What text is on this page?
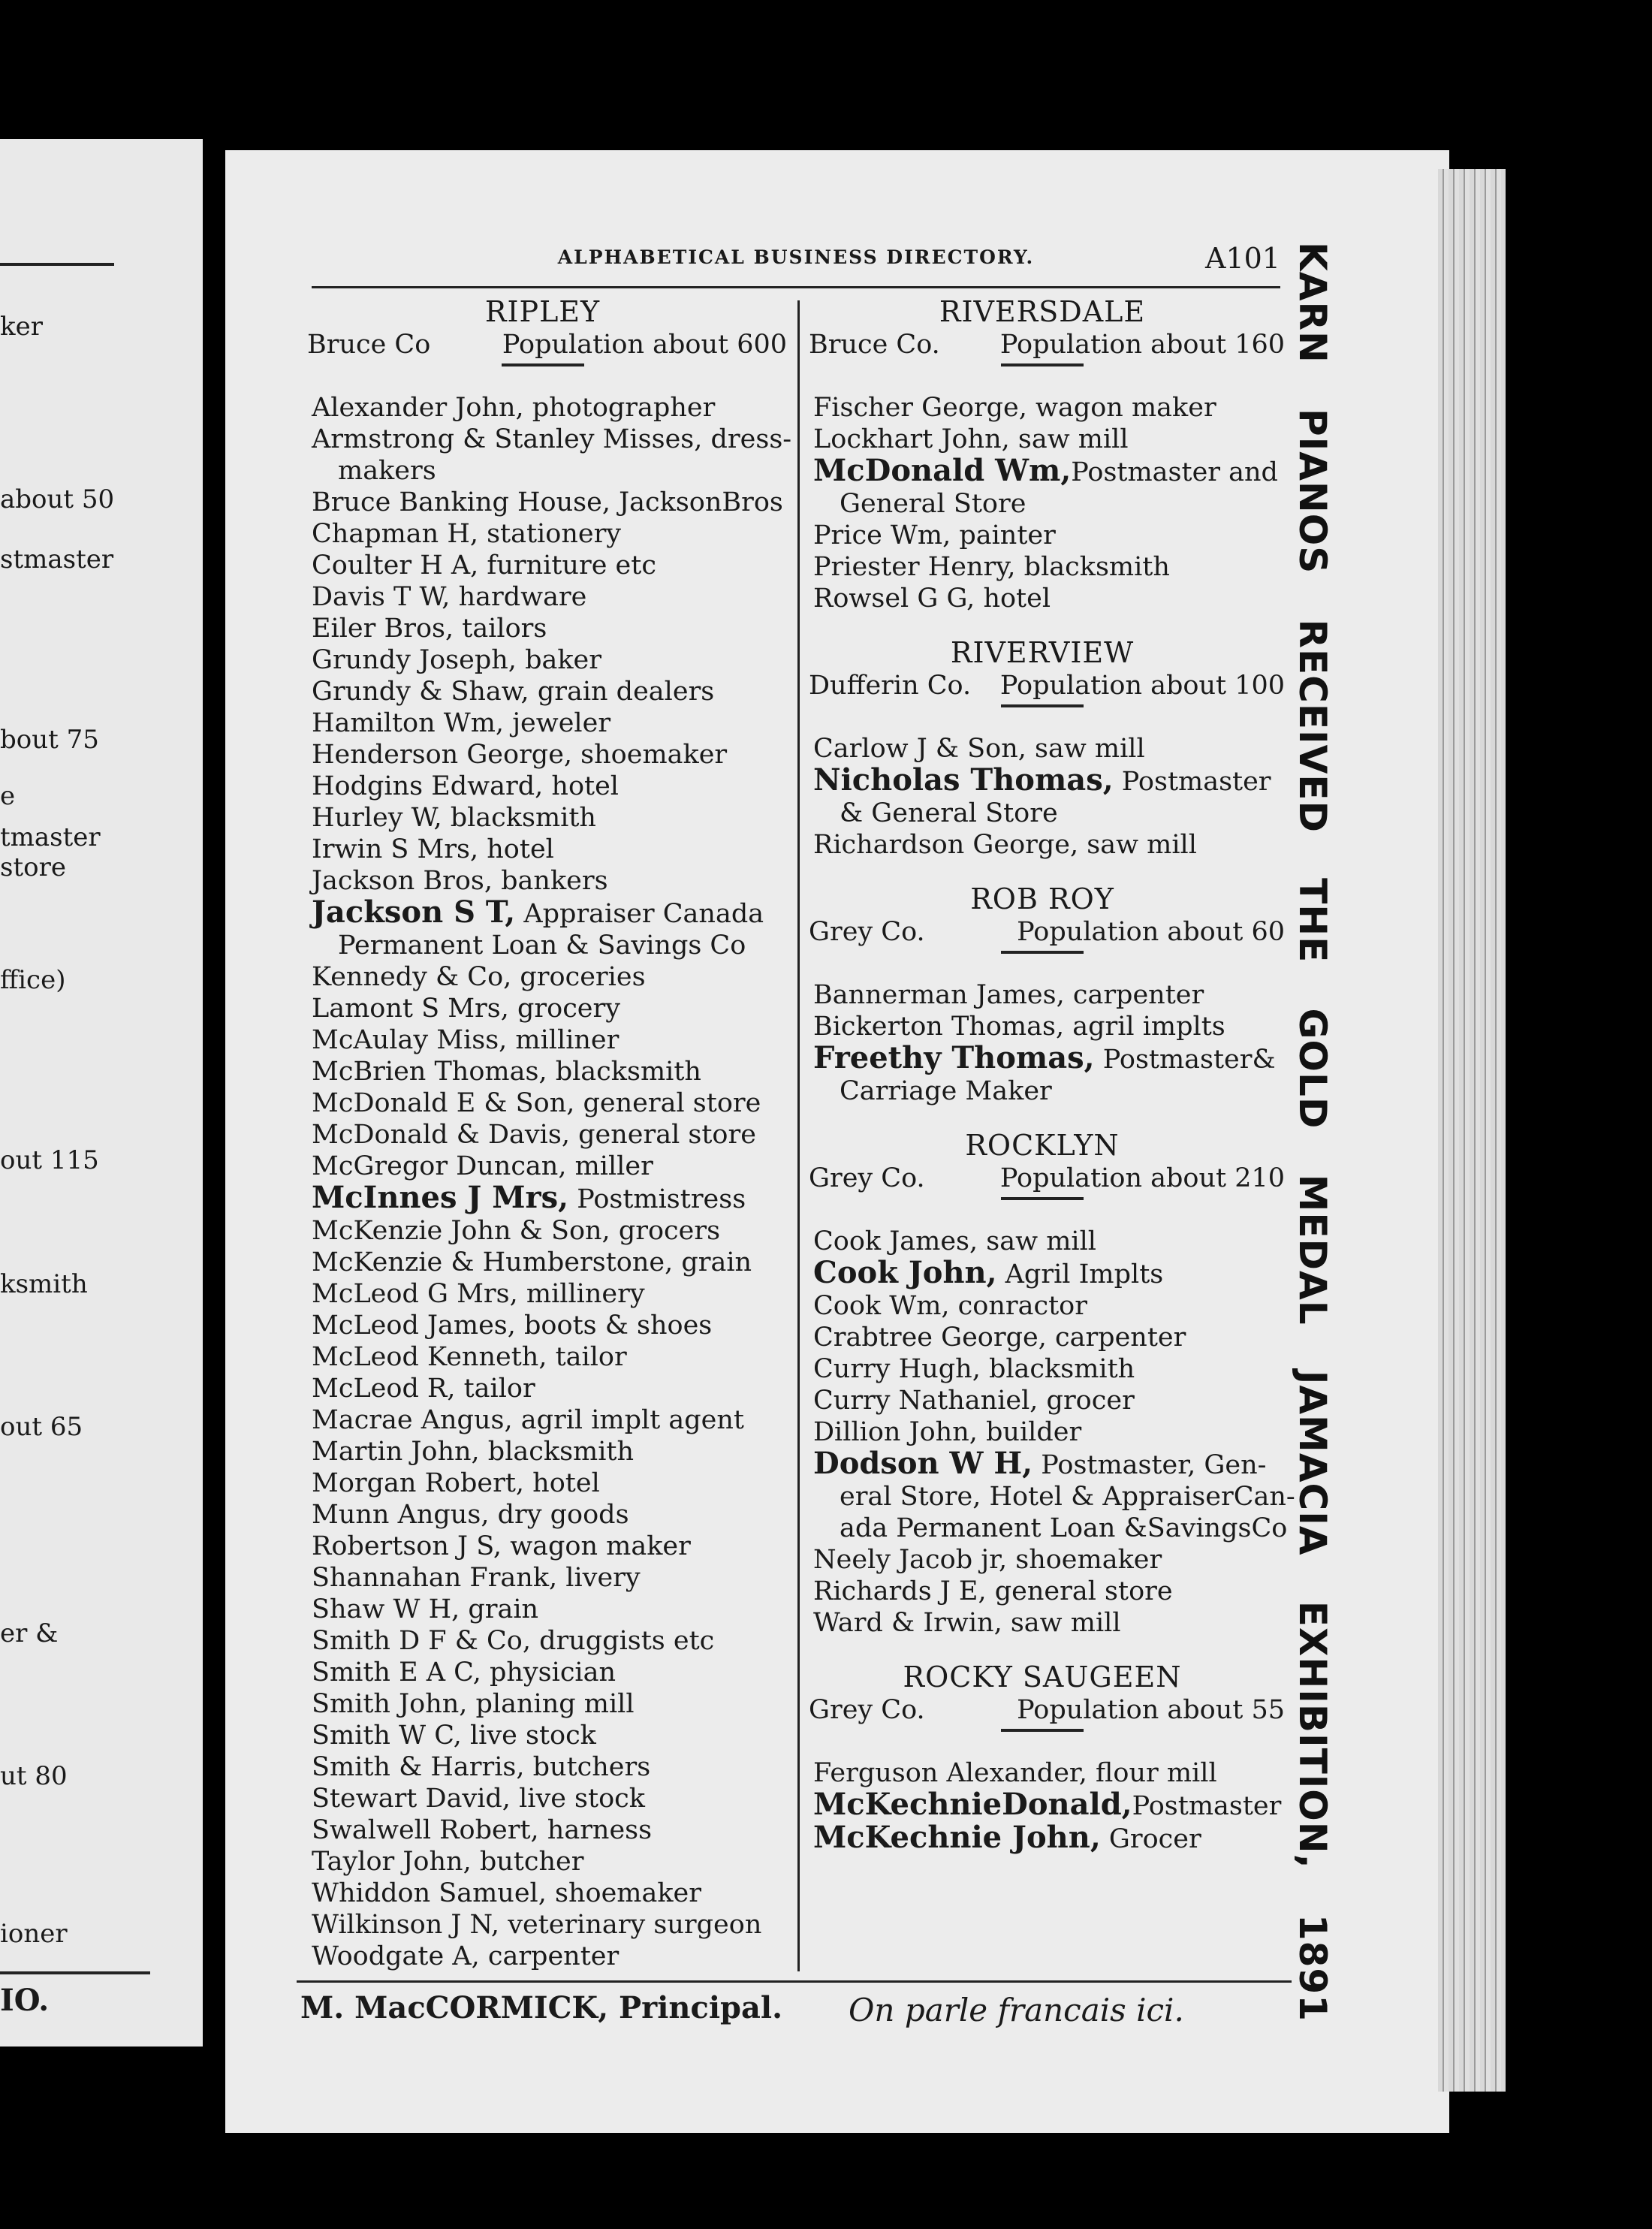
ker
about 50
stmaster
bout 75
e
tmaster
store
ffice)
out 115
ksmith
out 65
er &
ut 80
ioner
IO.
ALPHABETICAL BUSINESS DIRECTORY.	A101
RIPLEY
Bruce Co	Population about 600
Alexander John, photographer
Armstrong & Stanley Misses, dress-
makers
Bruce Banking House, JacksonBros
Chapman H, stationery
Coulter H A, furniture etc
Davis T W, hardware
Eiler Bros, tailors
Grundy Joseph, baker
Grundy & Shaw, grain dealers
Hamilton Wm, jeweler
Henderson George, shoemaker
Hodgins Edward, hotel
Hurley W, blacksmith
Irwin S Mrs, hotel
Jackson Bros, bankers
Jackson S T, Appraiser Canada
Permanent Loan & Savings Co
Kennedy & Co, groceries
Lamont S Mrs, grocery
McAulay Miss, milliner
McBrien Thomas, blacksmith
McDonald E & Son, general store
McDonald & Davis, general store
McGregor Duncan, miller
McInnes J Mrs, Postmistress
McKenzie John & Son, grocers
McKenzie & Humberstone, grain
McLeod G Mrs, millinery
McLeod James, boots & shoes
McLeod Kenneth, tailor
McLeod R, tailor
Macrae Angus, agril implt agent
Martin John, blacksmith
Morgan Robert, hotel
Munn Angus, dry goods
Robertson J S, wagon maker
Shannahan Frank, livery
Shaw W H, grain
Smith D F & Co, druggists etc
Smith E A C, physician
Smith John, planing mill
Smith W C, live stock
Smith & Harris, butchers
Stewart David, live stock
Swalwell Robert, harness
Taylor John, butcher
Whiddon Samuel, shoemaker
Wilkinson J N, veterinary surgeon
Woodgate A, carpenter
RIVERSDALE
Bruce Co. Population about 160
Fischer George, wagon maker
Lockhart John, saw mill
McDonald Wm,Postmaster and
General Store
Price Wm, painter
Priester Henry, blacksmith
Rowsel G G, hotel
RIVERVIEW
Dufferin Co. Population about 100
Carlow J & Son, saw mill
Nicholas Thomas, Postmaster
& General Store
Richardson George, saw mill
ROB ROY
Grey Co.	Population about 60
Bannerman James, carpenter
Bickerton Thomas, agril implts
Freethy Thomas, Postmaster&
Carriage Maker
ROCKLYN
Grey Co.	Population about 210
Cook James, saw mill
Cook John, Agril Implts
Cook Wm, conractor
Crabtree George, carpenter
Curry Hugh, blacksmith
Curry Nathaniel, grocer
Dillion John, builder
Dodson W H, Postmaster, Gen-
eral Store, Hotel & AppraiserCan-
ada Permanent Loan &SavingsCo
Neely Jacob jr, shoemaker
Richards J E, general store
Ward & Irwin, saw mill
ROCKY SAUGEEN
Grey Co.	Population about 55
Ferguson Alexander, flour mill
McKechnieDonald,Postmaster
McKechnie John, Grocer
M. MacCORMICK, Principal. On parle francais ici.	KARN PIANOS RECEIVED THE GOLD MEDAL JAMACIA EXHIBITION, 1891
